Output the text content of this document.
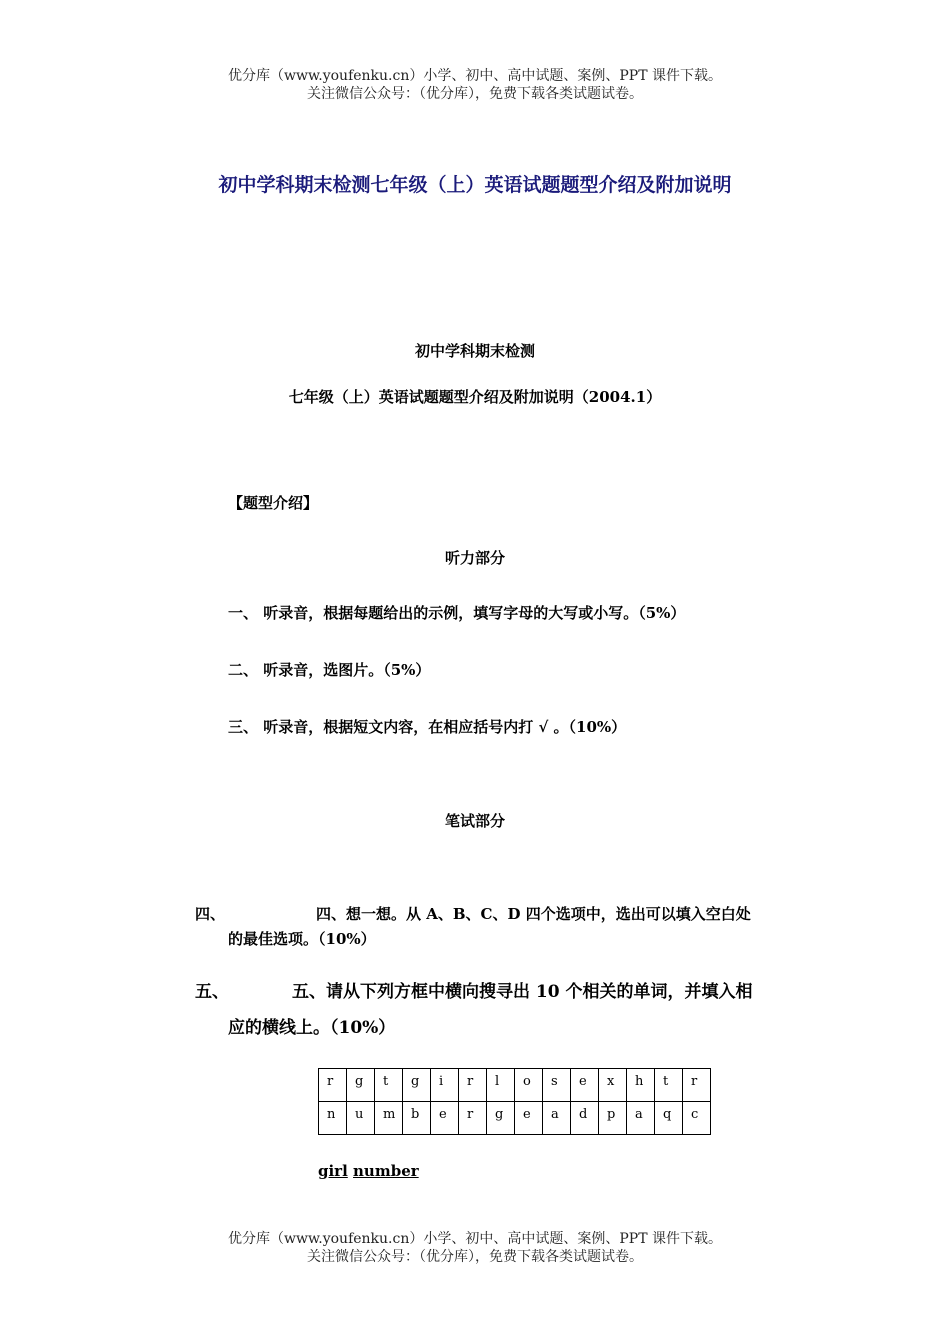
优分库（www.youfenku.cn）小学、初中、高中试题、案例、PPT 课件下载。
关注微信公众号：（优分库），免费下载各类试题试卷。
初中学科期末检测七年级（上）英语试题题型介绍及附加说明
初中学科期末检测
七年级（上）英语试题题型介绍及附加说明（2004.1）
【题型介绍】
听力部分
一、 听录音，根据每题给出的示例，填写字母的大写或小写。（5%）
二、 听录音，选图片。（5%）
三、 听录音，根据短文内容，在相应括号内打 √ 。（10%）
笔试部分
四、	四、想一想。从 A、B、C、D 四个选项中，选出可以填入空白处的最佳选项。（10%）
五、	五、请从下列方框中横向搜寻出 10 个相关的单词，并填入相应的横线上。（10%）
r	g	t	g	i	r	l	o	s	e	x	h	t	r
n	u	m	b	e	r	g	e	a	d	p	a	q	c
girl number
优分库（www.youfenku.cn）小学、初中、高中试题、案例、PPT 课件下载。
关注微信公众号：（优分库），免费下载各类试题试卷。
